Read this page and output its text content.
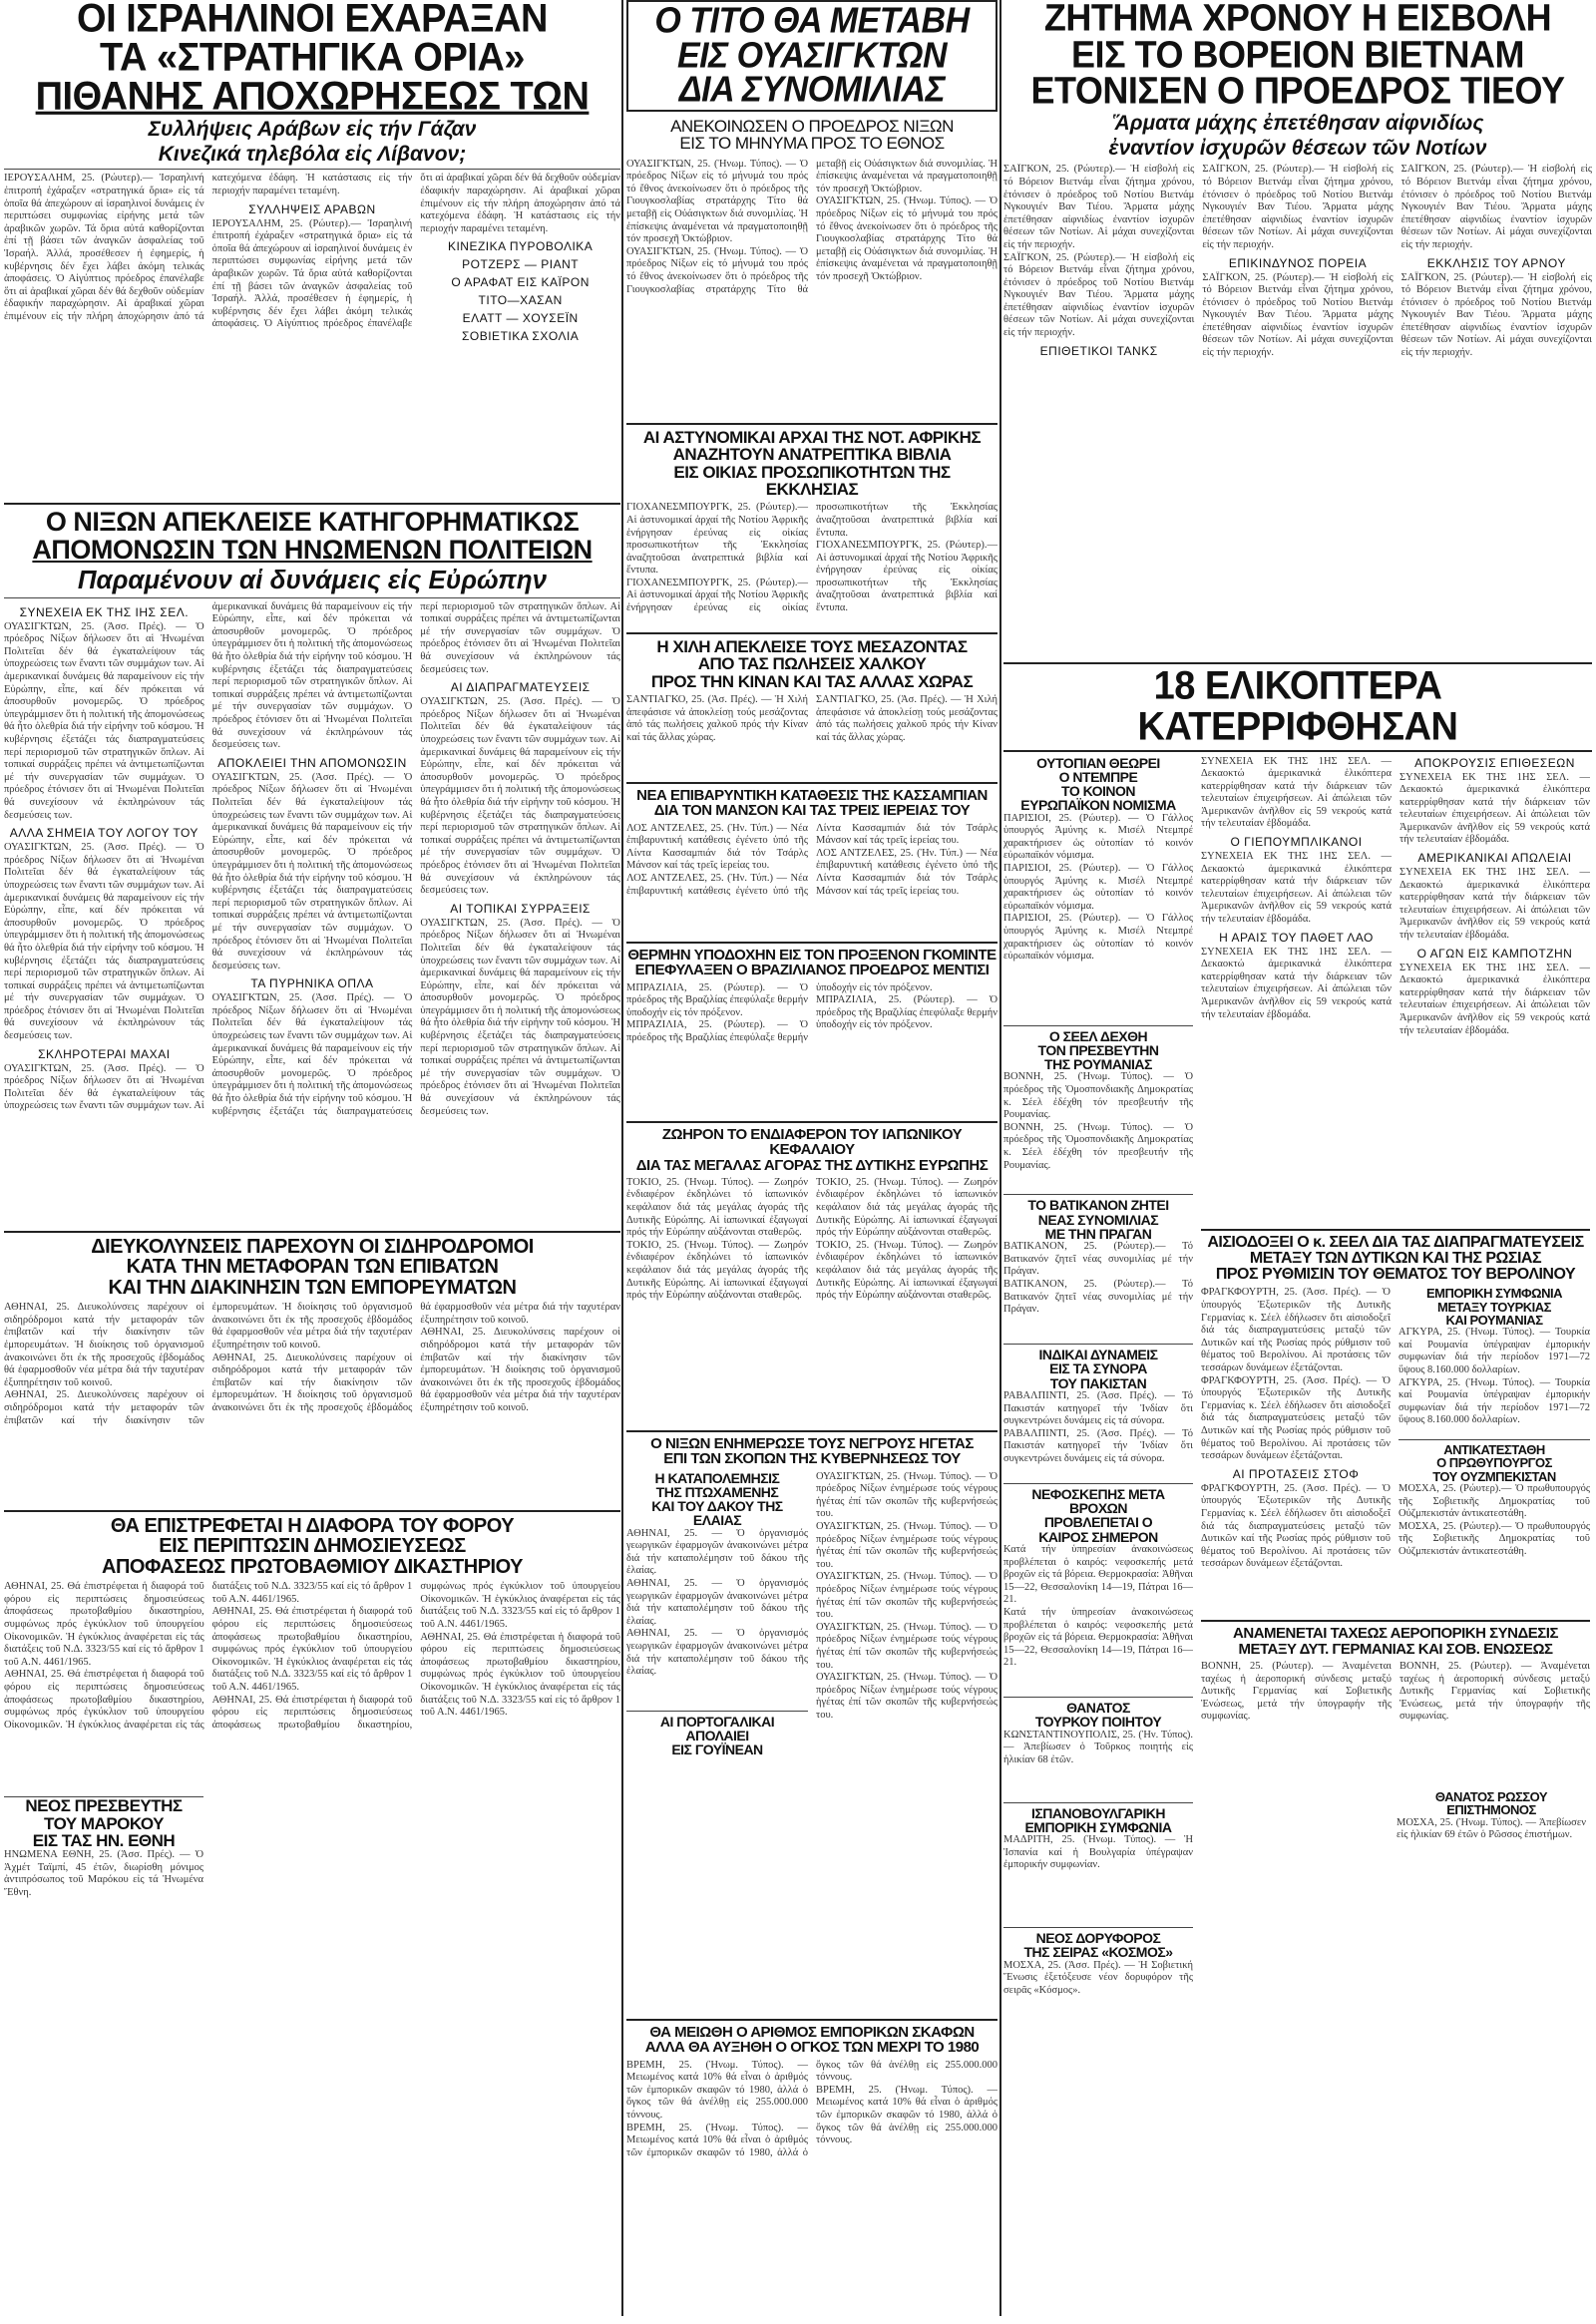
ΟΙ ΙΣΡΑΗΛΙΝΟΙ ΕΧΑΡΑΞΑΝ
ΤΑ «ΣΤΡΑΤΗΓΙΚΑ ΟΡΙΑ»
ΠΙΘΑΝΗΣ ΑΠΟΧΩΡΗΣΕΩΣ ΤΩΝ
Συλλήψεις Αράβων εἰς τήν Γάζαν
Κινεζικά τηλεβόλα εἰς Λίβανον;

ΙΕΡΟΥΣΑΛΗΜ, 25. (Ρώυτερ).— Ἰσραηλινή ἐπιτροπή ἐχάραξεν «στρατηγικά ὅρια» εἰς τά ὁποῖα θά ἀπεχώρουν αἱ ἰσραηλινοί δυνάμεις ἐν περιπτώσει συμφωνίας εἰρήνης μετά τῶν ἀραβικῶν χωρῶν. Τά ὅρια αὐτά καθορίζονται ἐπί τῇ βάσει τῶν ἀναγκῶν ἀσφαλείας τοῦ Ἰσραήλ. Ἀλλά, προσέθεσεν ἡ ἐφημερίς, ἡ κυβέρνησις δέν ἔχει λάβει ἀκόμη τελικάς ἀποφάσεις. Ὁ Αἰγύπτιος πρόεδρος ἐπανέλαβε ὅτι αἱ ἀραβικαί χῶραι δέν θά δεχθοῦν οὐδεμίαν ἐδαφικήν παραχώρησιν. Αἱ ἀραβικαί χῶραι ἐπιμένουν εἰς τήν πλήρη ἀποχώρησιν ἀπό τά κατεχόμενα ἐδάφη. Ἡ κατάστασις εἰς τήν περιοχήν παραμένει τεταμένη.

ΣΥΛΛΗΨΕΙΣ ΑΡΑΒΩΝ

ΙΕΡΟΥΣΑΛΗΜ, 25. (Ρώυτερ).— Ἰσραηλινή ἐπιτροπή ἐχάραξεν «στρατηγικά ὅρια» εἰς τά ὁποῖα θά ἀπεχώρουν αἱ ἰσραηλινοί δυνάμεις ἐν περιπτώσει συμφωνίας εἰρήνης μετά τῶν ἀραβικῶν χωρῶν. Τά ὅρια αὐτά καθορίζονται ἐπί τῇ βάσει τῶν ἀναγκῶν ἀσφαλείας τοῦ Ἰσραήλ. Ἀλλά, προσέθεσεν ἡ ἐφημερίς, ἡ κυβέρνησις δέν ἔχει λάβει ἀκόμη τελικάς ἀποφάσεις. Ὁ Αἰγύπτιος πρόεδρος ἐπανέλαβε ὅτι αἱ ἀραβικαί χῶραι δέν θά δεχθοῦν οὐδεμίαν ἐδαφικήν παραχώρησιν. Αἱ ἀραβικαί χῶραι ἐπιμένουν εἰς τήν πλήρη ἀποχώρησιν ἀπό τά κατεχόμενα ἐδάφη. Ἡ κατάστασις εἰς τήν περιοχήν παραμένει τεταμένη.

ΚΙΝΕΖΙΚΑ ΠΥΡΟΒΟΛΙΚΑ
ΡΟΤΖΕΡΣ — ΡΙΑΝΤ
Ο ΑΡΑΦΑΤ ΕΙΣ ΚΑΪΡΟΝ
ΤΙΤΟ—ΧΑΣΑΝ
ΕΛΑΤΤ — ΧΟΥΣΕΪΝ
ΣΟΒΙΕΤΙΚΑ ΣΧΟΛΙΑ
Ο ΝΙΞΩΝ ΑΠΕΚΛΕΙΣΕ ΚΑΤΗΓΟΡΗΜΑΤΙΚΩΣ
ΑΠΟΜΟΝΩΣΙΝ ΤΩΝ ΗΝΩΜΕΝΩΝ ΠΟΛΙΤΕΙΩΝ
Παραμένουν αἱ δυνάμεις εἰς Εὐρώπην
ΣΥΝΕΧΕΙΑ ΕΚ ΤΗΣ ΙΗΣ ΣΕΛ.

ΟΥΑΣΙΓΚΤΩΝ, 25. (Ἀσσ. Πρές). — Ὁ πρόεδρος Νίξων δήλωσεν ὅτι αἱ Ἡνωμέναι Πολιτεῖαι δέν θά ἐγκαταλείψουν τάς ὑποχρεώσεις των ἔναντι τῶν συμμάχων των. Αἱ ἀμερικανικαί δυνάμεις θά παραμείνουν εἰς τήν Εὐρώπην, εἶπε, καί δέν πρόκειται νά ἀποσυρθοῦν μονομερῶς. Ὁ πρόεδρος ὑπεγράμμισεν ὅτι ἡ πολιτική τῆς ἀπομονώσεως θά ἦτο ὀλεθρία διά τήν εἰρήνην τοῦ κόσμου. Ἡ κυβέρνησις ἐξετάζει τάς διαπραγματεύσεις περί περιορισμοῦ τῶν στρατηγικῶν ὅπλων. Αἱ τοπικαί συρράξεις πρέπει νά ἀντιμετωπίζωνται μέ τήν συνεργασίαν τῶν συμμάχων. Ὁ πρόεδρος ἐτόνισεν ὅτι αἱ Ἡνωμέναι Πολιτεῖαι θά συνεχίσουν νά ἐκπληρώνουν τάς δεσμεύσεις των.

ΑΛΛΑ ΣΗΜΕΙΑ ΤΟΥ ΛΟΓΟΥ ΤΟΥ

ΟΥΑΣΙΓΚΤΩΝ, 25. (Ἀσσ. Πρές). — Ὁ πρόεδρος Νίξων δήλωσεν ὅτι αἱ Ἡνωμέναι Πολιτεῖαι δέν θά ἐγκαταλείψουν τάς ὑποχρεώσεις των ἔναντι τῶν συμμάχων των. Αἱ ἀμερικανικαί δυνάμεις θά παραμείνουν εἰς τήν Εὐρώπην, εἶπε, καί δέν πρόκειται νά ἀποσυρθοῦν μονομερῶς. Ὁ πρόεδρος ὑπεγράμμισεν ὅτι ἡ πολιτική τῆς ἀπομονώσεως θά ἦτο ὀλεθρία διά τήν εἰρήνην τοῦ κόσμου. Ἡ κυβέρνησις ἐξετάζει τάς διαπραγματεύσεις περί περιορισμοῦ τῶν στρατηγικῶν ὅπλων. Αἱ τοπικαί συρράξεις πρέπει νά ἀντιμετωπίζωνται μέ τήν συνεργασίαν τῶν συμμάχων. Ὁ πρόεδρος ἐτόνισεν ὅτι αἱ Ἡνωμέναι Πολιτεῖαι θά συνεχίσουν νά ἐκπληρώνουν τάς δεσμεύσεις των.

ΣΚΛΗΡΟΤΕΡΑΙ ΜΑΧΑΙ

ΟΥΑΣΙΓΚΤΩΝ, 25. (Ἀσσ. Πρές). — Ὁ πρόεδρος Νίξων δήλωσεν ὅτι αἱ Ἡνωμέναι Πολιτεῖαι δέν θά ἐγκαταλείψουν τάς ὑποχρεώσεις των ἔναντι τῶν συμμάχων των. Αἱ ἀμερικανικαί δυνάμεις θά παραμείνουν εἰς τήν Εὐρώπην, εἶπε, καί δέν πρόκειται νά ἀποσυρθοῦν μονομερῶς. Ὁ πρόεδρος ὑπεγράμμισεν ὅτι ἡ πολιτική τῆς ἀπομονώσεως θά ἦτο ὀλεθρία διά τήν εἰρήνην τοῦ κόσμου. Ἡ κυβέρνησις ἐξετάζει τάς διαπραγματεύσεις περί περιορισμοῦ τῶν στρατηγικῶν ὅπλων. Αἱ τοπικαί συρράξεις πρέπει νά ἀντιμετωπίζωνται μέ τήν συνεργασίαν τῶν συμμάχων. Ὁ πρόεδρος ἐτόνισεν ὅτι αἱ Ἡνωμέναι Πολιτεῖαι θά συνεχίσουν νά ἐκπληρώνουν τάς δεσμεύσεις των.

ΑΠΟΚΛΕΙΕΙ ΤΗΝ ΑΠΟΜΟΝΩΣΙΝ

ΟΥΑΣΙΓΚΤΩΝ, 25. (Ἀσσ. Πρές). — Ὁ πρόεδρος Νίξων δήλωσεν ὅτι αἱ Ἡνωμέναι Πολιτεῖαι δέν θά ἐγκαταλείψουν τάς ὑποχρεώσεις των ἔναντι τῶν συμμάχων των. Αἱ ἀμερικανικαί δυνάμεις θά παραμείνουν εἰς τήν Εὐρώπην, εἶπε, καί δέν πρόκειται νά ἀποσυρθοῦν μονομερῶς. Ὁ πρόεδρος ὑπεγράμμισεν ὅτι ἡ πολιτική τῆς ἀπομονώσεως θά ἦτο ὀλεθρία διά τήν εἰρήνην τοῦ κόσμου. Ἡ κυβέρνησις ἐξετάζει τάς διαπραγματεύσεις περί περιορισμοῦ τῶν στρατηγικῶν ὅπλων. Αἱ τοπικαί συρράξεις πρέπει νά ἀντιμετωπίζωνται μέ τήν συνεργασίαν τῶν συμμάχων. Ὁ πρόεδρος ἐτόνισεν ὅτι αἱ Ἡνωμέναι Πολιτεῖαι θά συνεχίσουν νά ἐκπληρώνουν τάς δεσμεύσεις των.

ΤΑ ΠΥΡΗΝΙΚΑ ΟΠΛΑ

ΟΥΑΣΙΓΚΤΩΝ, 25. (Ἀσσ. Πρές). — Ὁ πρόεδρος Νίξων δήλωσεν ὅτι αἱ Ἡνωμέναι Πολιτεῖαι δέν θά ἐγκαταλείψουν τάς ὑποχρεώσεις των ἔναντι τῶν συμμάχων των. Αἱ ἀμερικανικαί δυνάμεις θά παραμείνουν εἰς τήν Εὐρώπην, εἶπε, καί δέν πρόκειται νά ἀποσυρθοῦν μονομερῶς. Ὁ πρόεδρος ὑπεγράμμισεν ὅτι ἡ πολιτική τῆς ἀπομονώσεως θά ἦτο ὀλεθρία διά τήν εἰρήνην τοῦ κόσμου. Ἡ κυβέρνησις ἐξετάζει τάς διαπραγματεύσεις περί περιορισμοῦ τῶν στρατηγικῶν ὅπλων. Αἱ τοπικαί συρράξεις πρέπει νά ἀντιμετωπίζωνται μέ τήν συνεργασίαν τῶν συμμάχων. Ὁ πρόεδρος ἐτόνισεν ὅτι αἱ Ἡνωμέναι Πολιτεῖαι θά συνεχίσουν νά ἐκπληρώνουν τάς δεσμεύσεις των.

ΑΙ ΔΙΑΠΡΑΓΜΑΤΕΥΣΕΙΣ

ΟΥΑΣΙΓΚΤΩΝ, 25. (Ἀσσ. Πρές). — Ὁ πρόεδρος Νίξων δήλωσεν ὅτι αἱ Ἡνωμέναι Πολιτεῖαι δέν θά ἐγκαταλείψουν τάς ὑποχρεώσεις των ἔναντι τῶν συμμάχων των. Αἱ ἀμερικανικαί δυνάμεις θά παραμείνουν εἰς τήν Εὐρώπην, εἶπε, καί δέν πρόκειται νά ἀποσυρθοῦν μονομερῶς. Ὁ πρόεδρος ὑπεγράμμισεν ὅτι ἡ πολιτική τῆς ἀπομονώσεως θά ἦτο ὀλεθρία διά τήν εἰρήνην τοῦ κόσμου. Ἡ κυβέρνησις ἐξετάζει τάς διαπραγματεύσεις περί περιορισμοῦ τῶν στρατηγικῶν ὅπλων. Αἱ τοπικαί συρράξεις πρέπει νά ἀντιμετωπίζωνται μέ τήν συνεργασίαν τῶν συμμάχων. Ὁ πρόεδρος ἐτόνισεν ὅτι αἱ Ἡνωμέναι Πολιτεῖαι θά συνεχίσουν νά ἐκπληρώνουν τάς δεσμεύσεις των.

ΑΙ ΤΟΠΙΚΑΙ ΣΥΡΡΑΞΕΙΣ

ΟΥΑΣΙΓΚΤΩΝ, 25. (Ἀσσ. Πρές). — Ὁ πρόεδρος Νίξων δήλωσεν ὅτι αἱ Ἡνωμέναι Πολιτεῖαι δέν θά ἐγκαταλείψουν τάς ὑποχρεώσεις των ἔναντι τῶν συμμάχων των. Αἱ ἀμερικανικαί δυνάμεις θά παραμείνουν εἰς τήν Εὐρώπην, εἶπε, καί δέν πρόκειται νά ἀποσυρθοῦν μονομερῶς. Ὁ πρόεδρος ὑπεγράμμισεν ὅτι ἡ πολιτική τῆς ἀπομονώσεως θά ἦτο ὀλεθρία διά τήν εἰρήνην τοῦ κόσμου. Ἡ κυβέρνησις ἐξετάζει τάς διαπραγματεύσεις περί περιορισμοῦ τῶν στρατηγικῶν ὅπλων. Αἱ τοπικαί συρράξεις πρέπει νά ἀντιμετωπίζωνται μέ τήν συνεργασίαν τῶν συμμάχων. Ὁ πρόεδρος ἐτόνισεν ὅτι αἱ Ἡνωμέναι Πολιτεῖαι θά συνεχίσουν νά ἐκπληρώνουν τάς δεσμεύσεις των.

ΔΙΕΥΚΟΛΥΝΣΕΙΣ ΠΑΡΕΧΟΥΝ ΟΙ ΣΙΔΗΡΟΔΡΟΜΟΙ
ΚΑΤΑ ΤΗΝ ΜΕΤΑΦΟΡΑΝ ΤΩΝ ΕΠΙΒΑΤΩΝ
ΚΑΙ ΤΗΝ ΔΙΑΚΙΝΗΣΙΝ ΤΩΝ ΕΜΠΟΡΕΥΜΑΤΩΝ

ΑΘΗΝΑΙ, 25. Διευκολύνσεις παρέχουν οἱ σιδηρόδρομοι κατά τήν μεταφοράν τῶν ἐπιβατῶν καί τήν διακίνησιν τῶν ἐμπορευμάτων. Ἡ διοίκησις τοῦ ὀργανισμοῦ ἀνακοινώνει ὅτι ἐκ τῆς προσεχοῦς ἑβδομάδος θά ἐφαρμοσθοῦν νέα μέτρα διά τήν ταχυτέραν ἐξυπηρέτησιν τοῦ κοινοῦ.

ΑΘΗΝΑΙ, 25. Διευκολύνσεις παρέχουν οἱ σιδηρόδρομοι κατά τήν μεταφοράν τῶν ἐπιβατῶν καί τήν διακίνησιν τῶν ἐμπορευμάτων. Ἡ διοίκησις τοῦ ὀργανισμοῦ ἀνακοινώνει ὅτι ἐκ τῆς προσεχοῦς ἑβδομάδος θά ἐφαρμοσθοῦν νέα μέτρα διά τήν ταχυτέραν ἐξυπηρέτησιν τοῦ κοινοῦ.

ΑΘΗΝΑΙ, 25. Διευκολύνσεις παρέχουν οἱ σιδηρόδρομοι κατά τήν μεταφοράν τῶν ἐπιβατῶν καί τήν διακίνησιν τῶν ἐμπορευμάτων. Ἡ διοίκησις τοῦ ὀργανισμοῦ ἀνακοινώνει ὅτι ἐκ τῆς προσεχοῦς ἑβδομάδος θά ἐφαρμοσθοῦν νέα μέτρα διά τήν ταχυτέραν ἐξυπηρέτησιν τοῦ κοινοῦ.

ΑΘΗΝΑΙ, 25. Διευκολύνσεις παρέχουν οἱ σιδηρόδρομοι κατά τήν μεταφοράν τῶν ἐπιβατῶν καί τήν διακίνησιν τῶν ἐμπορευμάτων. Ἡ διοίκησις τοῦ ὀργανισμοῦ ἀνακοινώνει ὅτι ἐκ τῆς προσεχοῦς ἑβδομάδος θά ἐφαρμοσθοῦν νέα μέτρα διά τήν ταχυτέραν ἐξυπηρέτησιν τοῦ κοινοῦ.

ΘΑ ΕΠΙΣΤΡΕΦΕΤΑΙ Η ΔΙΑΦΟΡΑ ΤΟΥ ΦΟΡΟΥ
ΕΙΣ ΠΕΡΙΠΤΩΣΙΝ ΔΗΜΟΣΙΕΥΣΕΩΣ
ΑΠΟΦΑΣΕΩΣ ΠΡΩΤΟΒΑΘΜΙΟΥ ΔΙΚΑΣΤΗΡΙΟΥ

ΑΘΗΝΑΙ, 25. Θά ἐπιστρέφεται ἡ διαφορά τοῦ φόρου εἰς περιπτώσεις δημοσιεύσεως ἀποφάσεως πρωτοβαθμίου δικαστηρίου, συμφώνως πρός ἐγκύκλιον τοῦ ὑπουργείου Οἰκονομικῶν. Ἡ ἐγκύκλιος ἀναφέρεται εἰς τάς διατάξεις τοῦ Ν.Δ. 3323/55 καί εἰς τό ἄρθρον 1 τοῦ Α.Ν. 4461/1965.

ΑΘΗΝΑΙ, 25. Θά ἐπιστρέφεται ἡ διαφορά τοῦ φόρου εἰς περιπτώσεις δημοσιεύσεως ἀποφάσεως πρωτοβαθμίου δικαστηρίου, συμφώνως πρός ἐγκύκλιον τοῦ ὑπουργείου Οἰκονομικῶν. Ἡ ἐγκύκλιος ἀναφέρεται εἰς τάς διατάξεις τοῦ Ν.Δ. 3323/55 καί εἰς τό ἄρθρον 1 τοῦ Α.Ν. 4461/1965.

ΑΘΗΝΑΙ, 25. Θά ἐπιστρέφεται ἡ διαφορά τοῦ φόρου εἰς περιπτώσεις δημοσιεύσεως ἀποφάσεως πρωτοβαθμίου δικαστηρίου, συμφώνως πρός ἐγκύκλιον τοῦ ὑπουργείου Οἰκονομικῶν. Ἡ ἐγκύκλιος ἀναφέρεται εἰς τάς διατάξεις τοῦ Ν.Δ. 3323/55 καί εἰς τό ἄρθρον 1 τοῦ Α.Ν. 4461/1965.

ΑΘΗΝΑΙ, 25. Θά ἐπιστρέφεται ἡ διαφορά τοῦ φόρου εἰς περιπτώσεις δημοσιεύσεως ἀποφάσεως πρωτοβαθμίου δικαστηρίου, συμφώνως πρός ἐγκύκλιον τοῦ ὑπουργείου Οἰκονομικῶν. Ἡ ἐγκύκλιος ἀναφέρεται εἰς τάς διατάξεις τοῦ Ν.Δ. 3323/55 καί εἰς τό ἄρθρον 1 τοῦ Α.Ν. 4461/1965.

ΑΘΗΝΑΙ, 25. Θά ἐπιστρέφεται ἡ διαφορά τοῦ φόρου εἰς περιπτώσεις δημοσιεύσεως ἀποφάσεως πρωτοβαθμίου δικαστηρίου, συμφώνως πρός ἐγκύκλιον τοῦ ὑπουργείου Οἰκονομικῶν. Ἡ ἐγκύκλιος ἀναφέρεται εἰς τάς διατάξεις τοῦ Ν.Δ. 3323/55 καί εἰς τό ἄρθρον 1 τοῦ Α.Ν. 4461/1965.

ΝΕΟΣ ΠΡΕΣΒΕΥΤΗΣ
ΤΟΥ ΜΑΡΟΚΟΥ
ΕΙΣ ΤΑΣ ΗΝ. ΕΘΝΗ

ΗΝΩΜΕΝΑ ΕΘΝΗ, 25. (Ἀσσ. Πρές). — Ὁ Ἀχμέτ Ταϊμπί, 45 ἐτῶν, διωρίσθη μόνιμος ἀντιπρόσωπος τοῦ Μαρόκου εἰς τά Ἡνωμένα Ἔθνη.

Ο ΤΙΤΟ ΘΑ ΜΕΤΑΒΗ
ΕΙΣ ΟΥΑΣΙΓΚΤΩΝ
ΔΙΑ ΣΥΝΟΜΙΛΙΑΣ
ΑΝΕΚΟΙΝΩΣΕΝ Ο ΠΡΟΕΔΡΟΣ ΝΙΞΩΝ
ΕΙΣ ΤΟ ΜΗΝΥΜΑ ΠΡΟΣ ΤΟ ΕΘΝΟΣ

ΟΥΑΣΙΓΚΤΩΝ, 25. (Ἡνωμ. Τύπος). — Ὁ πρόεδρος Νίξων εἰς τό μήνυμά του πρός τό ἔθνος ἀνεκοίνωσεν ὅτι ὁ πρόεδρος τῆς Γιουγκοσλαβίας στρατάρχης Τίτο θά μεταβῇ εἰς Οὐάσιγκτων διά συνομιλίας. Ἡ ἐπίσκεψις ἀναμένεται νά πραγματοποιηθῇ τόν προσεχῆ Ὀκτώβριον.

ΟΥΑΣΙΓΚΤΩΝ, 25. (Ἡνωμ. Τύπος). — Ὁ πρόεδρος Νίξων εἰς τό μήνυμά του πρός τό ἔθνος ἀνεκοίνωσεν ὅτι ὁ πρόεδρος τῆς Γιουγκοσλαβίας στρατάρχης Τίτο θά μεταβῇ εἰς Οὐάσιγκτων διά συνομιλίας. Ἡ ἐπίσκεψις ἀναμένεται νά πραγματοποιηθῇ τόν προσεχῆ Ὀκτώβριον.

ΟΥΑΣΙΓΚΤΩΝ, 25. (Ἡνωμ. Τύπος). — Ὁ πρόεδρος Νίξων εἰς τό μήνυμά του πρός τό ἔθνος ἀνεκοίνωσεν ὅτι ὁ πρόεδρος τῆς Γιουγκοσλαβίας στρατάρχης Τίτο θά μεταβῇ εἰς Οὐάσιγκτων διά συνομιλίας. Ἡ ἐπίσκεψις ἀναμένεται νά πραγματοποιηθῇ τόν προσεχῆ Ὀκτώβριον.

ΑΙ ΑΣΤΥΝΟΜΙΚΑΙ ΑΡΧΑΙ ΤΗΣ ΝΟΤ. ΑΦΡΙΚΗΣ
ΑΝΑΖΗΤΟΥΝ ΑΝΑΤΡΕΠΤΙΚΑ ΒΙΒΛΙΑ
ΕΙΣ ΟΙΚΙΑΣ ΠΡΟΣΩΠΙΚΟΤΗΤΩΝ ΤΗΣ ΕΚΚΛΗΣΙΑΣ

ΓΙΟΧΑΝΕΣΜΠΟΥΡΓΚ, 25. (Ρώυτερ).— Αἱ ἀστυνομικαί ἀρχαί τῆς Νοτίου Ἀφρικῆς ἐνήργησαν ἐρεύνας εἰς οἰκίας προσωπικοτήτων τῆς Ἐκκλησίας ἀναζητοῦσαι ἀνατρεπτικά βιβλία καί ἔντυπα.

ΓΙΟΧΑΝΕΣΜΠΟΥΡΓΚ, 25. (Ρώυτερ).— Αἱ ἀστυνομικαί ἀρχαί τῆς Νοτίου Ἀφρικῆς ἐνήργησαν ἐρεύνας εἰς οἰκίας προσωπικοτήτων τῆς Ἐκκλησίας ἀναζητοῦσαι ἀνατρεπτικά βιβλία καί ἔντυπα.

ΓΙΟΧΑΝΕΣΜΠΟΥΡΓΚ, 25. (Ρώυτερ).— Αἱ ἀστυνομικαί ἀρχαί τῆς Νοτίου Ἀφρικῆς ἐνήργησαν ἐρεύνας εἰς οἰκίας προσωπικοτήτων τῆς Ἐκκλησίας ἀναζητοῦσαι ἀνατρεπτικά βιβλία καί ἔντυπα.

Η ΧΙΛΗ ΑΠΕΚΛΕΙΣΕ ΤΟΥΣ ΜΕΣΑΖΟΝΤΑΣ
ΑΠΟ ΤΑΣ ΠΩΛΗΣΕΙΣ ΧΑΛΚΟΥ
ΠΡΟΣ ΤΗΝ ΚΙΝΑΝ ΚΑΙ ΤΑΣ ΑΛΛΑΣ ΧΩΡΑΣ

ΣΑΝΤΙΑΓΚΟ, 25. (Ἀσ. Πρές). — Ἡ Χιλή ἀπεφάσισε νά ἀποκλείσῃ τούς μεσάζοντας ἀπό τάς πωλήσεις χαλκοῦ πρός τήν Κίναν καί τάς ἄλλας χώρας.

ΣΑΝΤΙΑΓΚΟ, 25. (Ἀσ. Πρές). — Ἡ Χιλή ἀπεφάσισε νά ἀποκλείσῃ τούς μεσάζοντας ἀπό τάς πωλήσεις χαλκοῦ πρός τήν Κίναν καί τάς ἄλλας χώρας.

ΝΕΑ ΕΠΙΒΑΡΥΝΤΙΚΗ ΚΑΤΑΘΕΣΙΣ ΤΗΣ ΚΑΣΣΑΜΠΙΑΝ
ΔΙΑ ΤΟΝ ΜΑΝΣΟΝ ΚΑΙ ΤΑΣ ΤΡΕΙΣ ΙΕΡΕΙΑΣ ΤΟΥ

ΛΟΣ ΑΝΤΖΕΛΕΣ, 25. (Ἡν. Τύπ.) — Νέα ἐπιβαρυντική κατάθεσις ἐγένετο ὑπό τῆς Λίντα Κασσαμπιάν διά τόν Τσάρλς Μάνσον καί τάς τρεῖς ἱερείας του.

ΛΟΣ ΑΝΤΖΕΛΕΣ, 25. (Ἡν. Τύπ.) — Νέα ἐπιβαρυντική κατάθεσις ἐγένετο ὑπό τῆς Λίντα Κασσαμπιάν διά τόν Τσάρλς Μάνσον καί τάς τρεῖς ἱερείας του.

ΛΟΣ ΑΝΤΖΕΛΕΣ, 25. (Ἡν. Τύπ.) — Νέα ἐπιβαρυντική κατάθεσις ἐγένετο ὑπό τῆς Λίντα Κασσαμπιάν διά τόν Τσάρλς Μάνσον καί τάς τρεῖς ἱερείας του.

ΘΕΡΜΗΝ ΥΠΟΔΟΧΗΝ ΕΙΣ ΤΟΝ ΠΡΟΞΕΝΟΝ ΓΚΟΜΙΝΤΕ
ΕΠΕΦΥΛΑΞΕΝ Ο ΒΡΑΖΙΛΙΑΝΟΣ ΠΡΟΕΔΡΟΣ ΜΕΝΤΙΣΙ

ΜΠΡΑΖΙΛΙΑ, 25. (Ρώυτερ). — Ὁ πρόεδρος τῆς Βραζιλίας ἐπεφύλαξε θερμήν ὑποδοχήν εἰς τόν πρόξενον.

ΜΠΡΑΖΙΛΙΑ, 25. (Ρώυτερ). — Ὁ πρόεδρος τῆς Βραζιλίας ἐπεφύλαξε θερμήν ὑποδοχήν εἰς τόν πρόξενον.

ΜΠΡΑΖΙΛΙΑ, 25. (Ρώυτερ). — Ὁ πρόεδρος τῆς Βραζιλίας ἐπεφύλαξε θερμήν ὑποδοχήν εἰς τόν πρόξενον.

ΖΩΗΡΟΝ ΤΟ ΕΝΔΙΑΦΕΡΟΝ ΤΟΥ ΙΑΠΩΝΙΚΟΥ ΚΕΦΑΛΑΙΟΥ
ΔΙΑ ΤΑΣ ΜΕΓΑΛΑΣ ΑΓΟΡΑΣ ΤΗΣ ΔΥΤΙΚΗΣ ΕΥΡΩΠΗΣ

ΤΟΚΙΟ, 25. (Ἡνωμ. Τύπος). — Ζωηρόν ἐνδιαφέρον ἐκδηλώνει τό ἰαπωνικόν κεφάλαιον διά τάς μεγάλας ἀγοράς τῆς Δυτικῆς Εὐρώπης. Αἱ ἰαπωνικαί ἐξαγωγαί πρός τήν Εὐρώπην αὐξάνονται σταθερῶς.

ΤΟΚΙΟ, 25. (Ἡνωμ. Τύπος). — Ζωηρόν ἐνδιαφέρον ἐκδηλώνει τό ἰαπωνικόν κεφάλαιον διά τάς μεγάλας ἀγοράς τῆς Δυτικῆς Εὐρώπης. Αἱ ἰαπωνικαί ἐξαγωγαί πρός τήν Εὐρώπην αὐξάνονται σταθερῶς.

ΤΟΚΙΟ, 25. (Ἡνωμ. Τύπος). — Ζωηρόν ἐνδιαφέρον ἐκδηλώνει τό ἰαπωνικόν κεφάλαιον διά τάς μεγάλας ἀγοράς τῆς Δυτικῆς Εὐρώπης. Αἱ ἰαπωνικαί ἐξαγωγαί πρός τήν Εὐρώπην αὐξάνονται σταθερῶς.

ΤΟΚΙΟ, 25. (Ἡνωμ. Τύπος). — Ζωηρόν ἐνδιαφέρον ἐκδηλώνει τό ἰαπωνικόν κεφάλαιον διά τάς μεγάλας ἀγοράς τῆς Δυτικῆς Εὐρώπης. Αἱ ἰαπωνικαί ἐξαγωγαί πρός τήν Εὐρώπην αὐξάνονται σταθερῶς.

Ο ΝΙΞΩΝ ΕΝΗΜΕΡΩΣΕ ΤΟΥΣ ΝΕΓΡΟΥΣ ΗΓΕΤΑΣ
ΕΠΙ ΤΩΝ ΣΚΟΠΩΝ ΤΗΣ ΚΥΒΕΡΝΗΣΕΩΣ ΤΟΥ
Η ΚΑΤΑΠΟΛΕΜΗΣΙΣ
ΤΗΣ ΠΤΩΧΑΜΕΝΗΣ
ΚΑΙ ΤΟΥ ΔΑΚΟΥ ΤΗΣ ΕΛΑΙΑΣ

ΑΘΗΝΑΙ, 25. — Ὁ ὀργανισμός γεωργικῶν ἐφαρμογῶν ἀνακοινώνει μέτρα διά τήν καταπολέμησιν τοῦ δάκου τῆς ἐλαίας.

ΑΘΗΝΑΙ, 25. — Ὁ ὀργανισμός γεωργικῶν ἐφαρμογῶν ἀνακοινώνει μέτρα διά τήν καταπολέμησιν τοῦ δάκου τῆς ἐλαίας.

ΑΘΗΝΑΙ, 25. — Ὁ ὀργανισμός γεωργικῶν ἐφαρμογῶν ἀνακοινώνει μέτρα διά τήν καταπολέμησιν τοῦ δάκου τῆς ἐλαίας.

ΑΙ ΠΟΡΤΟΓΑΛΙΚΑΙ
ΑΠΟΛΑΙΕΙ
ΕΙΣ ΓΟΥΪΝΕΑΝ

ΟΥΑΣΙΓΚΤΩΝ, 25. (Ἡνωμ. Τύπος). — Ὁ πρόεδρος Νίξων ἐνημέρωσε τούς νέγρους ἡγέτας ἐπί τῶν σκοπῶν τῆς κυβερνήσεώς του.

ΟΥΑΣΙΓΚΤΩΝ, 25. (Ἡνωμ. Τύπος). — Ὁ πρόεδρος Νίξων ἐνημέρωσε τούς νέγρους ἡγέτας ἐπί τῶν σκοπῶν τῆς κυβερνήσεώς του.

ΟΥΑΣΙΓΚΤΩΝ, 25. (Ἡνωμ. Τύπος). — Ὁ πρόεδρος Νίξων ἐνημέρωσε τούς νέγρους ἡγέτας ἐπί τῶν σκοπῶν τῆς κυβερνήσεώς του.

ΟΥΑΣΙΓΚΤΩΝ, 25. (Ἡνωμ. Τύπος). — Ὁ πρόεδρος Νίξων ἐνημέρωσε τούς νέγρους ἡγέτας ἐπί τῶν σκοπῶν τῆς κυβερνήσεώς του.

ΟΥΑΣΙΓΚΤΩΝ, 25. (Ἡνωμ. Τύπος). — Ὁ πρόεδρος Νίξων ἐνημέρωσε τούς νέγρους ἡγέτας ἐπί τῶν σκοπῶν τῆς κυβερνήσεώς του.

ΘΑ ΜΕΙΩΘΗ Ο ΑΡΙΘΜΟΣ ΕΜΠΟΡΙΚΩΝ ΣΚΑΦΩΝ
ΑΛΛΑ ΘΑ ΑΥΞΗΘΗ Ο ΟΓΚΟΣ ΤΩΝ ΜΕΧΡΙ ΤΟ 1980

ΒΡΕΜΗ, 25. (Ἡνωμ. Τύπος). — Μειωμένος κατά 10% θά εἶναι ὁ ἀριθμός τῶν ἐμπορικῶν σκαφῶν τό 1980, ἀλλά ὁ ὄγκος τῶν θά ἀνέλθῃ εἰς 255.000.000 τόννους.

ΒΡΕΜΗ, 25. (Ἡνωμ. Τύπος). — Μειωμένος κατά 10% θά εἶναι ὁ ἀριθμός τῶν ἐμπορικῶν σκαφῶν τό 1980, ἀλλά ὁ ὄγκος τῶν θά ἀνέλθῃ εἰς 255.000.000 τόννους.

ΒΡΕΜΗ, 25. (Ἡνωμ. Τύπος). — Μειωμένος κατά 10% θά εἶναι ὁ ἀριθμός τῶν ἐμπορικῶν σκαφῶν τό 1980, ἀλλά ὁ ὄγκος τῶν θά ἀνέλθῃ εἰς 255.000.000 τόννους.

ΖΗΤΗΜΑ ΧΡΟΝΟΥ Η ΕΙΣΒΟΛΗ
ΕΙΣ ΤΟ ΒΟΡΕΙΟΝ ΒΙΕΤΝΑΜ
ΕΤΟΝΙΣΕΝ Ο ΠΡΟΕΔΡΟΣ ΤΙΕΟΥ
Ἅρματα μάχης ἐπετέθησαν αἰφνιδίως
ἐναντίον ἰσχυρῶν θέσεων τῶν Νοτίων

ΣΑΪΓΚΟΝ, 25. (Ρώυτερ).— Ἡ εἰσβολή εἰς τό Βόρειον Βιετνάμ εἶναι ζήτημα χρόνου, ἐτόνισεν ὁ πρόεδρος τοῦ Νοτίου Βιετνάμ Νγκουγιέν Βαν Τιέου. Ἅρματα μάχης ἐπετέθησαν αἰφνιδίως ἐναντίον ἰσχυρῶν θέσεων τῶν Νοτίων. Αἱ μάχαι συνεχίζονται εἰς τήν περιοχήν.

ΣΑΪΓΚΟΝ, 25. (Ρώυτερ).— Ἡ εἰσβολή εἰς τό Βόρειον Βιετνάμ εἶναι ζήτημα χρόνου, ἐτόνισεν ὁ πρόεδρος τοῦ Νοτίου Βιετνάμ Νγκουγιέν Βαν Τιέου. Ἅρματα μάχης ἐπετέθησαν αἰφνιδίως ἐναντίον ἰσχυρῶν θέσεων τῶν Νοτίων. Αἱ μάχαι συνεχίζονται εἰς τήν περιοχήν.

ΕΠΙΘΕΤΙΚΟΙ ΤΑΝΚΣ

ΣΑΪΓΚΟΝ, 25. (Ρώυτερ).— Ἡ εἰσβολή εἰς τό Βόρειον Βιετνάμ εἶναι ζήτημα χρόνου, ἐτόνισεν ὁ πρόεδρος τοῦ Νοτίου Βιετνάμ Νγκουγιέν Βαν Τιέου. Ἅρματα μάχης ἐπετέθησαν αἰφνιδίως ἐναντίον ἰσχυρῶν θέσεων τῶν Νοτίων. Αἱ μάχαι συνεχίζονται εἰς τήν περιοχήν.

ΕΠΙΚΙΝΔΥΝΟΣ ΠΟΡΕΙΑ

ΣΑΪΓΚΟΝ, 25. (Ρώυτερ).— Ἡ εἰσβολή εἰς τό Βόρειον Βιετνάμ εἶναι ζήτημα χρόνου, ἐτόνισεν ὁ πρόεδρος τοῦ Νοτίου Βιετνάμ Νγκουγιέν Βαν Τιέου. Ἅρματα μάχης ἐπετέθησαν αἰφνιδίως ἐναντίον ἰσχυρῶν θέσεων τῶν Νοτίων. Αἱ μάχαι συνεχίζονται εἰς τήν περιοχήν.

ΣΑΪΓΚΟΝ, 25. (Ρώυτερ).— Ἡ εἰσβολή εἰς τό Βόρειον Βιετνάμ εἶναι ζήτημα χρόνου, ἐτόνισεν ὁ πρόεδρος τοῦ Νοτίου Βιετνάμ Νγκουγιέν Βαν Τιέου. Ἅρματα μάχης ἐπετέθησαν αἰφνιδίως ἐναντίον ἰσχυρῶν θέσεων τῶν Νοτίων. Αἱ μάχαι συνεχίζονται εἰς τήν περιοχήν.

ΕΚΚΛΗΣΙΣ ΤΟΥ ΑΡΝΟΥ

ΣΑΪΓΚΟΝ, 25. (Ρώυτερ).— Ἡ εἰσβολή εἰς τό Βόρειον Βιετνάμ εἶναι ζήτημα χρόνου, ἐτόνισεν ὁ πρόεδρος τοῦ Νοτίου Βιετνάμ Νγκουγιέν Βαν Τιέου. Ἅρματα μάχης ἐπετέθησαν αἰφνιδίως ἐναντίον ἰσχυρῶν θέσεων τῶν Νοτίων. Αἱ μάχαι συνεχίζονται εἰς τήν περιοχήν.

18 ΕΛΙΚΟΠΤΕΡΑ ΚΑΤΕΡΡΙΦΘΗΣΑΝ
ΟΥΤΟΠΙΑΝ ΘΕΩΡΕΙ
Ο ΝΤΕΜΠΡΕ
ΤΟ ΚΟΙΝΟΝ
ΕΥΡΩΠΑΪΚΟΝ ΝΟΜΙΣΜΑ

ΠΑΡΙΣΙΟΙ, 25. (Ρώυτερ). — Ὁ Γάλλος ὑπουργός Ἀμύνης κ. Μισέλ Ντεμπρέ χαρακτήρισεν ὡς οὐτοπίαν τό κοινόν εὐρωπαϊκόν νόμισμα.

ΠΑΡΙΣΙΟΙ, 25. (Ρώυτερ). — Ὁ Γάλλος ὑπουργός Ἀμύνης κ. Μισέλ Ντεμπρέ χαρακτήρισεν ὡς οὐτοπίαν τό κοινόν εὐρωπαϊκόν νόμισμα.

ΠΑΡΙΣΙΟΙ, 25. (Ρώυτερ). — Ὁ Γάλλος ὑπουργός Ἀμύνης κ. Μισέλ Ντεμπρέ χαρακτήρισεν ὡς οὐτοπίαν τό κοινόν εὐρωπαϊκόν νόμισμα.

Ο ΣΕΕΛ ΔΕΧΘΗ
ΤΟΝ ΠΡΕΣΒΕΥΤΗΝ
ΤΗΣ ΡΟΥΜΑΝΙΑΣ

ΒΟΝΝΗ, 25. (Ἡνωμ. Τύπος). — Ὁ πρόεδρος τῆς Ὁμοσπονδιακῆς Δημοκρατίας κ. Σέελ ἐδέχθη τόν πρεσβευτήν τῆς Ρουμανίας.

ΒΟΝΝΗ, 25. (Ἡνωμ. Τύπος). — Ὁ πρόεδρος τῆς Ὁμοσπονδιακῆς Δημοκρατίας κ. Σέελ ἐδέχθη τόν πρεσβευτήν τῆς Ρουμανίας.

ΤΟ ΒΑΤΙΚΑΝΟΝ ΖΗΤΕΙ
ΝΕΑΣ ΣΥΝΟΜΙΛΙΑΣ
ΜΕ ΤΗΝ ΠΡΑΓΑΝ

ΒΑΤΙΚΑΝΟΝ, 25. (Ρώυτερ).— Τό Βατικανόν ζητεῖ νέας συνομιλίας μέ τήν Πράγαν.

ΒΑΤΙΚΑΝΟΝ, 25. (Ρώυτερ).— Τό Βατικανόν ζητεῖ νέας συνομιλίας μέ τήν Πράγαν.

ΙΝΔΙΚΑΙ ΔΥΝΑΜΕΙΣ
ΕΙΣ ΤΑ ΣΥΝΟΡΑ
ΤΟΥ ΠΑΚΙΣΤΑΝ

ΡΑΒΑΛΠΙΝΤΙ, 25. (Ἀσσ. Πρές). — Τό Πακιστάν κατηγορεῖ τήν Ἰνδίαν ὅτι συγκεντρώνει δυνάμεις εἰς τά σύνορα.

ΡΑΒΑΛΠΙΝΤΙ, 25. (Ἀσσ. Πρές). — Τό Πακιστάν κατηγορεῖ τήν Ἰνδίαν ὅτι συγκεντρώνει δυνάμεις εἰς τά σύνορα.

ΝΕΦΟΣΚΕΠΗΣ ΜΕΤΑ ΒΡΟΧΩΝ
ΠΡΟΒΛΕΠΕΤΑΙ Ο
ΚΑΙΡΟΣ ΣΗΜΕΡΟΝ

Κατά τήν ὑπηρεσίαν ἀνακοινώσεως προβλέπεται ὁ καιρός: νεφοσκεπής μετά βροχῶν εἰς τά βόρεια. Θερμοκρασία: Ἀθῆναι 15—22, Θεσσαλονίκη 14—19, Πάτραι 16—21.

Κατά τήν ὑπηρεσίαν ἀνακοινώσεως προβλέπεται ὁ καιρός: νεφοσκεπής μετά βροχῶν εἰς τά βόρεια. Θερμοκρασία: Ἀθῆναι 15—22, Θεσσαλονίκη 14—19, Πάτραι 16—21.

ΘΑΝΑΤΟΣ
ΤΟΥΡΚΟΥ ΠΟΙΗΤΟΥ

ΚΩΝΣΤΑΝΤΙΝΟΥΠΟΛΙΣ, 25. (Ἡν. Τύπος). — Ἀπεβίωσεν ὁ Τοῦρκος ποιητής εἰς ἡλικίαν 68 ἐτῶν.

ΙΣΠΑΝΟΒΟΥΛΓΑΡΙΚΗ
ΕΜΠΟΡΙΚΗ ΣΥΜΦΩΝΙΑ

ΜΑΔΡΙΤΗ, 25. (Ἡνωμ. Τύπος). — Ἡ Ἱσπανία καί ἡ Βουλγαρία ὑπέγραψαν ἐμπορικήν συμφωνίαν.

ΝΕΟΣ ΔΟΡΥΦΟΡΟΣ
ΤΗΣ ΣΕΙΡΑΣ «ΚΟΣΜΟΣ»

ΜΟΣΧΑ, 25. (Ἀσσ. Πρές). — Ἡ Σοβιετική Ἕνωσις ἐξετόξευσε νέον δορυφόρον τῆς σειρᾶς «Κόσμος».

ΣΥΝΕΧΕΙΑ ΕΚ ΤΗΣ 1ΗΣ ΣΕΛ. — Δεκαοκτώ ἀμερικανικά ἑλικόπτερα κατερρίφθησαν κατά τήν διάρκειαν τῶν τελευταίων ἐπιχειρήσεων. Αἱ ἀπώλειαι τῶν Ἀμερικανῶν ἀνῆλθον εἰς 59 νεκρούς κατά τήν τελευταίαν ἑβδομάδα.

Ο ΓΙΕΠΟΥΜΠΛΙΚΑΝΟΙ

ΣΥΝΕΧΕΙΑ ΕΚ ΤΗΣ 1ΗΣ ΣΕΛ. — Δεκαοκτώ ἀμερικανικά ἑλικόπτερα κατερρίφθησαν κατά τήν διάρκειαν τῶν τελευταίων ἐπιχειρήσεων. Αἱ ἀπώλειαι τῶν Ἀμερικανῶν ἀνῆλθον εἰς 59 νεκρούς κατά τήν τελευταίαν ἑβδομάδα.

Η ΑΡΑΙΣ ΤΟΥ ΠΑΘΕΤ ΛΑΟ

ΣΥΝΕΧΕΙΑ ΕΚ ΤΗΣ 1ΗΣ ΣΕΛ. — Δεκαοκτώ ἀμερικανικά ἑλικόπτερα κατερρίφθησαν κατά τήν διάρκειαν τῶν τελευταίων ἐπιχειρήσεων. Αἱ ἀπώλειαι τῶν Ἀμερικανῶν ἀνῆλθον εἰς 59 νεκρούς κατά τήν τελευταίαν ἑβδομάδα.

ΑΠΟΚΡΟΥΣΙΣ ΕΠΙΘΕΣΕΩΝ

ΣΥΝΕΧΕΙΑ ΕΚ ΤΗΣ 1ΗΣ ΣΕΛ. — Δεκαοκτώ ἀμερικανικά ἑλικόπτερα κατερρίφθησαν κατά τήν διάρκειαν τῶν τελευταίων ἐπιχειρήσεων. Αἱ ἀπώλειαι τῶν Ἀμερικανῶν ἀνῆλθον εἰς 59 νεκρούς κατά τήν τελευταίαν ἑβδομάδα.

ΑΜΕΡΙΚΑΝΙΚΑΙ ΑΠΩΛΕΙΑΙ

ΣΥΝΕΧΕΙΑ ΕΚ ΤΗΣ 1ΗΣ ΣΕΛ. — Δεκαοκτώ ἀμερικανικά ἑλικόπτερα κατερρίφθησαν κατά τήν διάρκειαν τῶν τελευταίων ἐπιχειρήσεων. Αἱ ἀπώλειαι τῶν Ἀμερικανῶν ἀνῆλθον εἰς 59 νεκρούς κατά τήν τελευταίαν ἑβδομάδα.

Ο ΑΓΩΝ ΕΙΣ ΚΑΜΠΟΤΖΗΝ

ΣΥΝΕΧΕΙΑ ΕΚ ΤΗΣ 1ΗΣ ΣΕΛ. — Δεκαοκτώ ἀμερικανικά ἑλικόπτερα κατερρίφθησαν κατά τήν διάρκειαν τῶν τελευταίων ἐπιχειρήσεων. Αἱ ἀπώλειαι τῶν Ἀμερικανῶν ἀνῆλθον εἰς 59 νεκρούς κατά τήν τελευταίαν ἑβδομάδα.

ΑΙΣΙΟΔΟΞΕΙ Ο κ. ΣΕΕΛ ΔΙΑ ΤΑΣ ΔΙΑΠΡΑΓΜΑΤΕΥΣΕΙΣ
ΜΕΤΑΞΥ ΤΩΝ ΔΥΤΙΚΩΝ ΚΑΙ ΤΗΣ ΡΩΣΙΑΣ
ΠΡΟΣ ΡΥΘΜΙΣΙΝ ΤΟΥ ΘΕΜΑΤΟΣ ΤΟΥ ΒΕΡΟΛΙΝΟΥ

ΦΡΑΓΚΦΟΥΡΤΗ, 25. (Ἀσσ. Πρές). — Ὁ ὑπουργός Ἐξωτερικῶν τῆς Δυτικῆς Γερμανίας κ. Σέελ ἐδήλωσεν ὅτι αἰσιοδοξεῖ διά τάς διαπραγματεύσεις μεταξύ τῶν Δυτικῶν καί τῆς Ρωσίας πρός ρύθμισιν τοῦ θέματος τοῦ Βερολίνου. Αἱ προτάσεις τῶν τεσσάρων δυνάμεων ἐξετάζονται.

ΦΡΑΓΚΦΟΥΡΤΗ, 25. (Ἀσσ. Πρές). — Ὁ ὑπουργός Ἐξωτερικῶν τῆς Δυτικῆς Γερμανίας κ. Σέελ ἐδήλωσεν ὅτι αἰσιοδοξεῖ διά τάς διαπραγματεύσεις μεταξύ τῶν Δυτικῶν καί τῆς Ρωσίας πρός ρύθμισιν τοῦ θέματος τοῦ Βερολίνου. Αἱ προτάσεις τῶν τεσσάρων δυνάμεων ἐξετάζονται.

ΑΙ ΠΡΟΤΑΣΕΙΣ ΣΤΟΦ

ΦΡΑΓΚΦΟΥΡΤΗ, 25. (Ἀσσ. Πρές). — Ὁ ὑπουργός Ἐξωτερικῶν τῆς Δυτικῆς Γερμανίας κ. Σέελ ἐδήλωσεν ὅτι αἰσιοδοξεῖ διά τάς διαπραγματεύσεις μεταξύ τῶν Δυτικῶν καί τῆς Ρωσίας πρός ρύθμισιν τοῦ θέματος τοῦ Βερολίνου. Αἱ προτάσεις τῶν τεσσάρων δυνάμεων ἐξετάζονται.

ΕΜΠΟΡΙΚΗ ΣΥΜΦΩΝΙΑ
ΜΕΤΑΞΥ ΤΟΥΡΚΙΑΣ
ΚΑΙ ΡΟΥΜΑΝΙΑΣ

ΑΓΚΥΡΑ, 25. (Ἡνωμ. Τύπος). — Τουρκία καί Ρουμανία ὑπέγραψαν ἐμπορικήν συμφωνίαν διά τήν περίοδον 1971—72 ὕψους 8.160.000 δολλαρίων.

ΑΓΚΥΡΑ, 25. (Ἡνωμ. Τύπος). — Τουρκία καί Ρουμανία ὑπέγραψαν ἐμπορικήν συμφωνίαν διά τήν περίοδον 1971—72 ὕψους 8.160.000 δολλαρίων.

ΑΝΤΙΚΑΤΕΣΤΑΘΗ
Ο ΠΡΩΘΥΠΟΥΡΓΟΣ
ΤΟΥ ΟΥΖΜΠΕΚΙΣΤΑΝ

ΜΟΣΧΑ, 25. (Ρώυτερ).— Ὁ πρωθυπουργός τῆς Σοβιετικῆς Δημοκρατίας τοῦ Οὐζμπεκιστάν ἀντικατεστάθη.

ΜΟΣΧΑ, 25. (Ρώυτερ).— Ὁ πρωθυπουργός τῆς Σοβιετικῆς Δημοκρατίας τοῦ Οὐζμπεκιστάν ἀντικατεστάθη.

ΑΝΑΜΕΝΕΤΑΙ ΤΑΧΕΩΣ ΑΕΡΟΠΟΡΙΚΗ ΣΥΝΔΕΣΙΣ
ΜΕΤΑΞΥ ΔΥΤ. ΓΕΡΜΑΝΙΑΣ ΚΑΙ ΣΟΒ. ΕΝΩΣΕΩΣ

ΒΟΝΝΗ, 25. (Ρώυτερ). — Ἀναμένεται ταχέως ἡ ἀεροπορική σύνδεσις μεταξύ Δυτικῆς Γερμανίας καί Σοβιετικῆς Ἑνώσεως, μετά τήν ὑπογραφήν τῆς συμφωνίας.

ΒΟΝΝΗ, 25. (Ρώυτερ). — Ἀναμένεται ταχέως ἡ ἀεροπορική σύνδεσις μεταξύ Δυτικῆς Γερμανίας καί Σοβιετικῆς Ἑνώσεως, μετά τήν ὑπογραφήν τῆς συμφωνίας.

ΘΑΝΑΤΟΣ ΡΩΣΣΟΥ
ΕΠΙΣΤΗΜΟΝΟΣ

ΜΟΣΧΑ, 25. (Ἡνωμ. Τύπος). — Ἀπεβίωσεν εἰς ἡλικίαν 69 ἐτῶν ὁ Ρῶσσος ἐπιστήμων.
